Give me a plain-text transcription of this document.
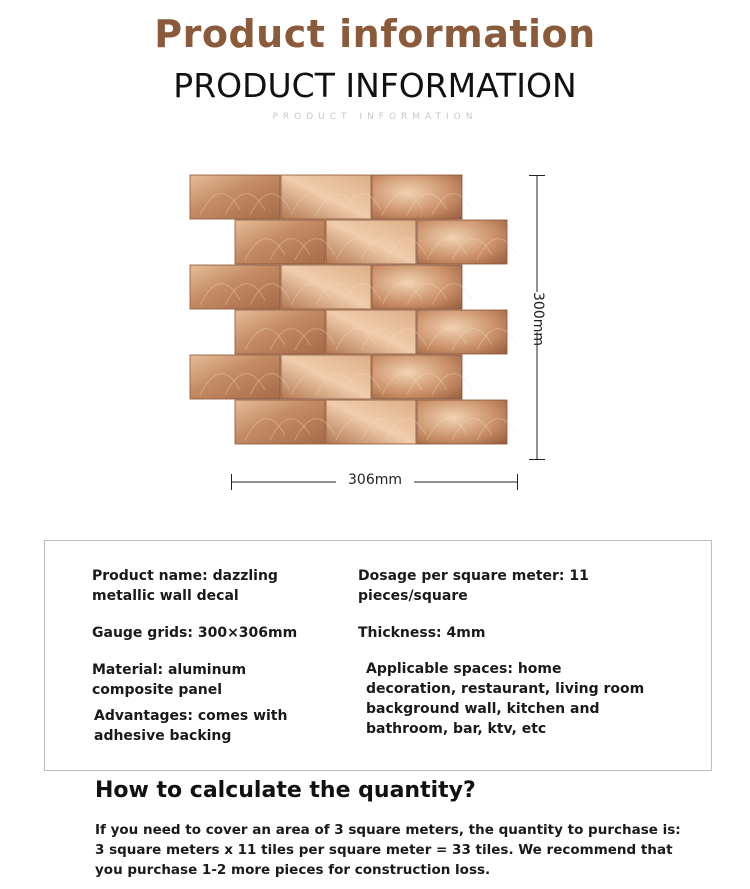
Product information
PRODUCT INFORMATION
PRODUCT INFORMATION
300mm
306mm
Product name: dazzling
metallic wall decal
Dosage per square meter: 11
pieces/square
Gauge grids: 300×306mm	Thickness: 4mm
Material: aluminum
composite panel
Applicable spaces: home
decoration, restaurant, living room
background wall, kitchen and
bathroom, bar, ktv, etc
Advantages: comes with
adhesive backing
How to calculate the quantity?
If you need to cover an area of 3 square meters, the quantity to purchase is:
3 square meters x 11 tiles per square meter = 33 tiles. We recommend that
you purchase 1-2 more pieces for construction loss.
